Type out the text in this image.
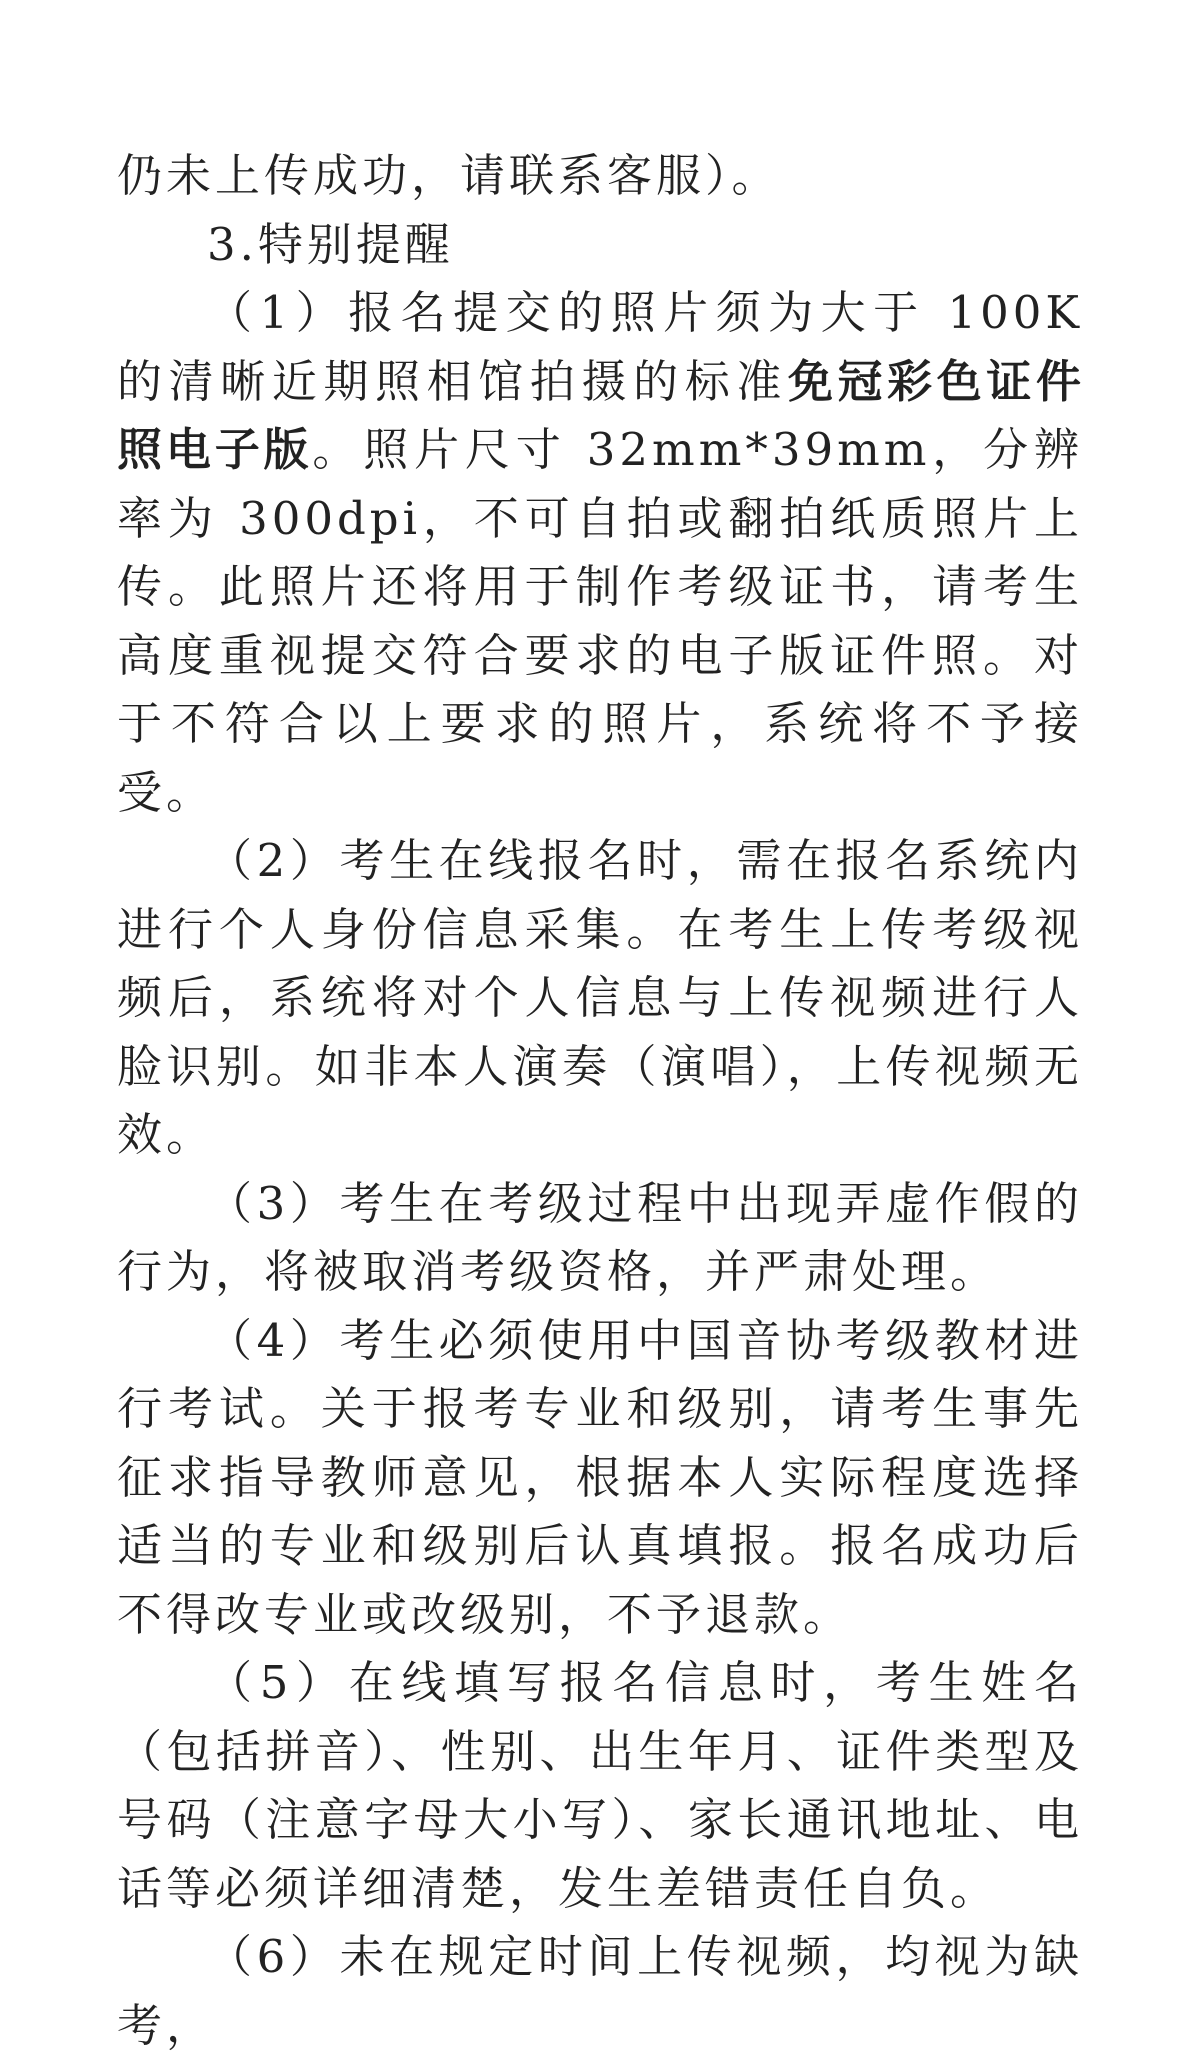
仍未上传成功，请联系客服）。

3.特别提醒

（1）报名提交的照片须为大于 100K 的清晰近期照相馆拍摄的标准免冠彩色证件照电子版。照片尺寸 32mm*39mm，分辨率为 300dpi，不可自拍或翻拍纸质照片上传。此照片还将用于制作考级证书，请考生高度重视提交符合要求的电子版证件照。对于不符合以上要求的照片，系统将不予接受。

（2）考生在线报名时，需在报名系统内进行个人身份信息采集。在考生上传考级视频后，系统将对个人信息与上传视频进行人脸识别。如非本人演奏（演唱），上传视频无效。

（3）考生在考级过程中出现弄虚作假的行为，将被取消考级资格，并严肃处理。

（4）考生必须使用中国音协考级教材进行考试。关于报考专业和级别，请考生事先征求指导教师意见，根据本人实际程度选择适当的专业和级别后认真填报。报名成功后不得改专业或改级别，不予退款。

（5）在线填写报名信息时，考生姓名（包括拼音）、性别、出生年月、证件类型及号码（注意字母大小写）、家长通讯地址、电话等必须详细清楚，发生差错责任自负。

（6）未在规定时间上传视频，均视为缺考，
